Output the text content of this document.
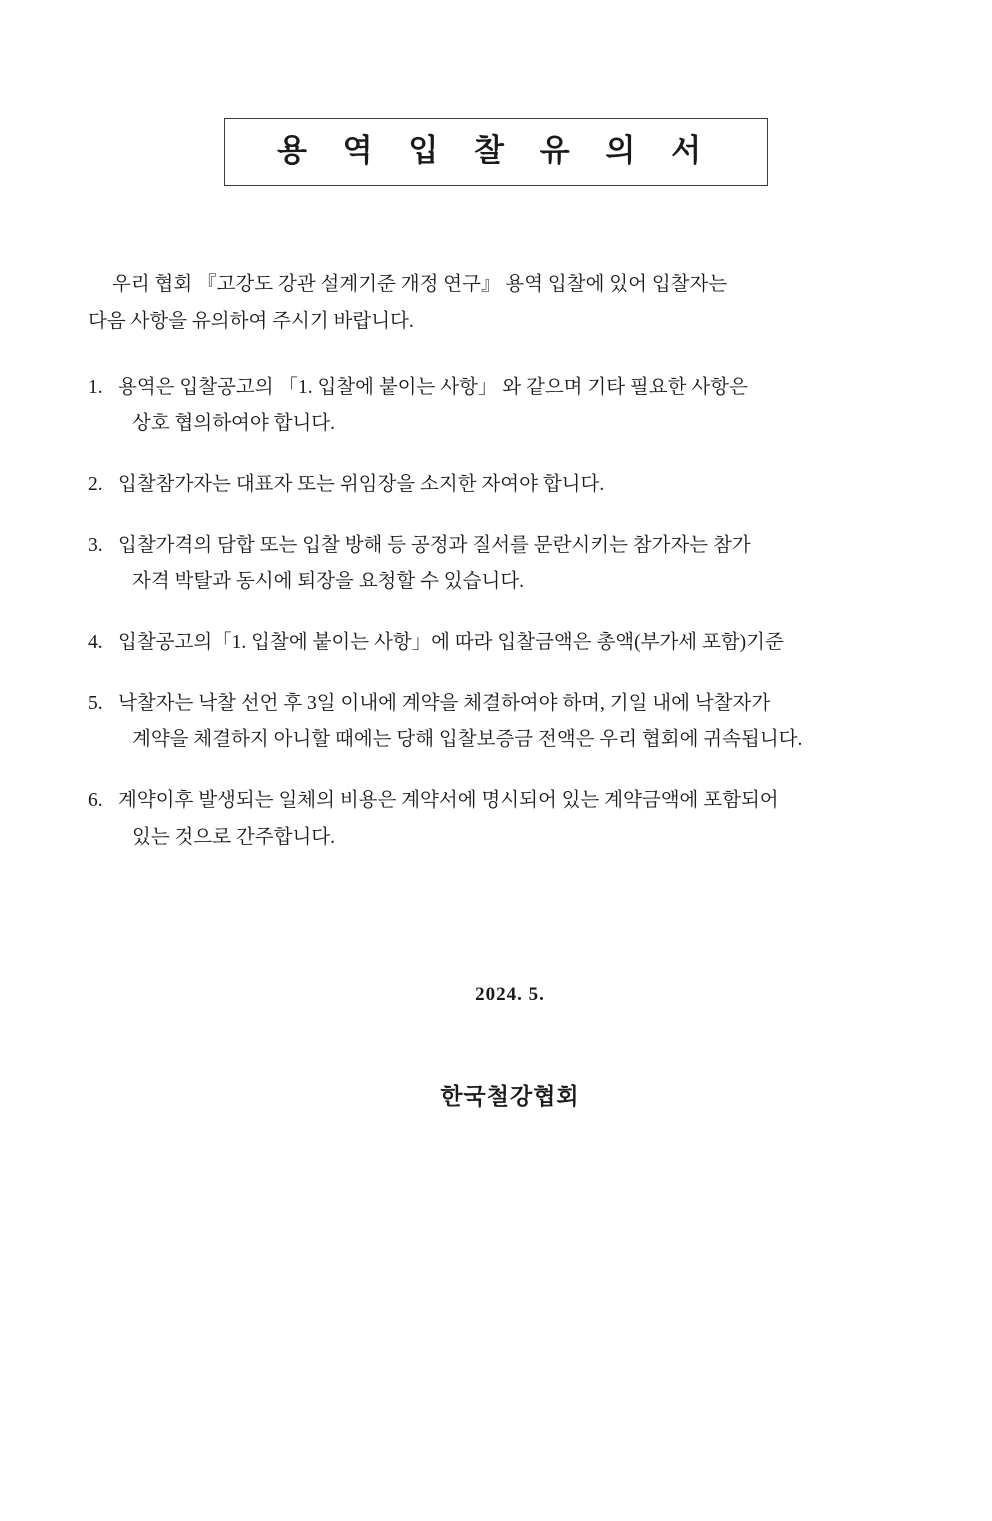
용 역 입 찰 유 의 서
우리 협회 『고강도 강관 설계기준 개정 연구』 용역 입찰에 있어 입찰자는
다음 사항을 유의하여 주시기 바랍니다.
1. 용역은 입찰공고의 「1. 입찰에 붙이는 사항」 와 같으며 기타 필요한 사항은
상호 협의하여야 합니다.
2. 입찰참가자는 대표자 또는 위임장을 소지한 자여야 합니다.
3. 입찰가격의 담합 또는 입찰 방해 등 공정과 질서를 문란시키는 참가자는 참가
자격 박탈과 동시에 퇴장을 요청할 수 있습니다.
4. 입찰공고의「1. 입찰에 붙이는 사항」에 따라 입찰금액은 총액(부가세 포함)기준
5. 낙찰자는 낙찰 선언 후 3일 이내에 계약을 체결하여야 하며, 기일 내에 낙찰자가
계약을 체결하지 아니할 때에는 당해 입찰보증금 전액은 우리 협회에 귀속됩니다.
6. 계약이후 발생되는 일체의 비용은 계약서에 명시되어 있는 계약금액에 포함되어
있는 것으로 간주합니다.
2024. 5.
한국철강협회
